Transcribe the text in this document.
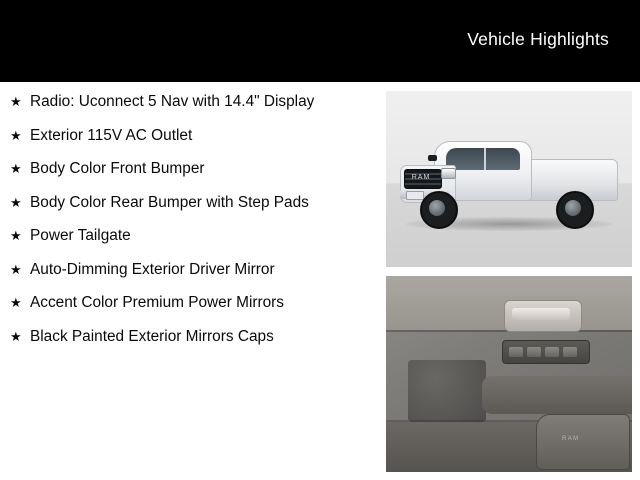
Vehicle Highlights
★ Radio: Uconnect 5 Nav with 14.4" Display
★ Exterior 115V AC Outlet
★ Body Color Front Bumper
★ Body Color Rear Bumper with Step Pads
★ Power Tailgate
★ Auto-Dimming Exterior Driver Mirror
★ Accent Color Premium Power Mirrors
★ Black Painted Exterior Mirrors Caps
RAM
RAM
